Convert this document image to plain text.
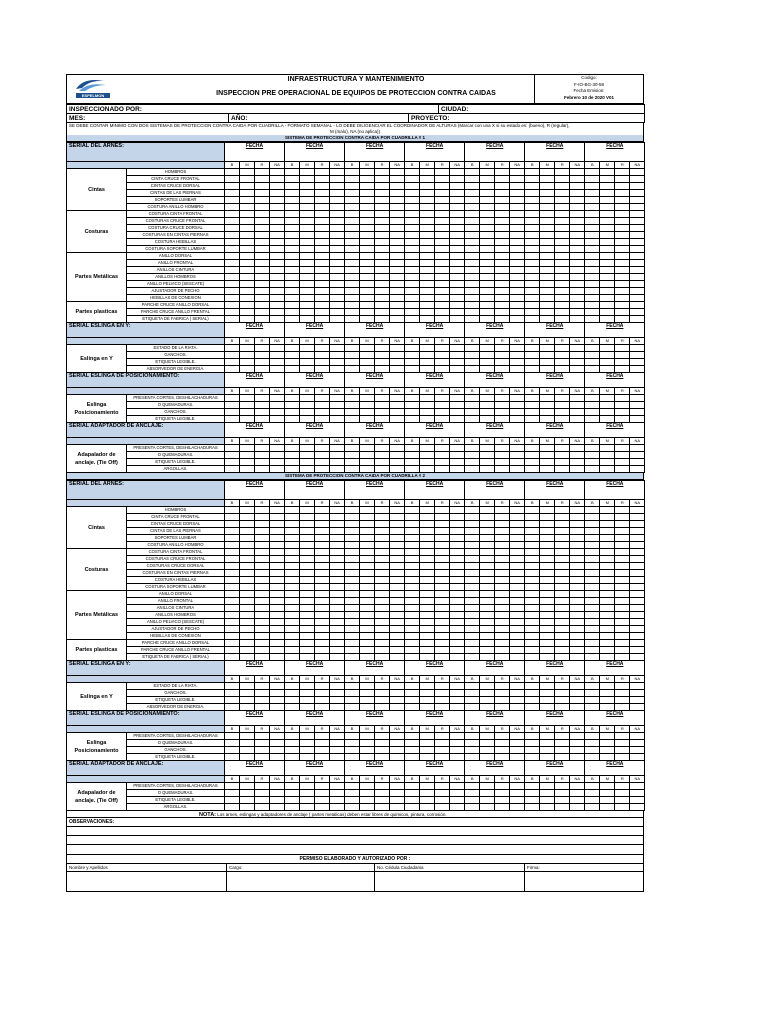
ESPELMON
INFRAESTRUCTURA Y MANTENIMIENTO
INSPECCION PRE OPERACIONAL DE EQUIPOS DE PROTECCION CONTRA CAIDAS
Codigo:
F-IO-BG-30-58
Fecha Emision:
Febrero 10 de 2020 V01
INSPECCIONADO POR:	CIUDAD:
MES:	AÑO:	PROYECTO:
SE DEBE CONTAR MINIMO CON DOS SISTEMAS DE PROTECCION CONTRA CAIDA POR CUADRILLA - FORMATO SEMANAL - LO DEBE DILIGENCIAR EL COORDINADOR DE ALTURAS (Marcar con una X si su estado es: (bueno), R (regular),
M (malo), NA (no aplica))
SISTEMA DE PROTECCION CONTRA CAIDA POR CUADRILLA # 1
SERIAL DEL ARNÉS:		FECHA				FECHA				FECHA				FECHA				FECHA				FECHA				FECHA			

		B	M	R	NA	B	M	R	NA	B	M	R	NA	B	M	R	NA	B	M	R	NA	B	M	R	NA	B	M	R	NA
Cintas	HOMBROS																												
	CINTA CRUCE FRONTAL																												
	CINTAS CRUCE DORSAL																												
	CINTAS DE LAS PIERNAS																												
	SOPORTES LUMBAR																												
	COSTURA ANILLO HOMBRO																												
Costuras	COSTURA CINTA FRONTAL																												
	COSTURAS CRUCE FRONTAL																												
	COSTURA CRUCE DORSAL																												
	COSTURAS EN CINTAS PIERNAS																												
	COSTURA HEBILLAS																												
	COSTURA SOPORTE LUMBAR																												
Partes Metálicas	ANILLO DORSAL																												
	ANILLO FRONTAL																												
	ANILLOS CINTURA																												
	ANILLOS HOMBROS																												
	ANILLO PELVICO (SESCATE)																												
	AJUSTADOR DE PECHO																												
	HEBILLAS DE CONEXION																												
Partes plasticas	PARCHE CRUCE ANILLO DORSAL																												
	PARCHE CRUCE ANILLO FRENTAL																												
	ETIQUETA DE FABRICA ( SERIAL)																												
SERIAL ESLINGA EN Y:		FECHA				FECHA				FECHA				FECHA				FECHA				FECHA				FECHA			

		B	M	R	NA	B	M	R	NA	B	M	R	NA	B	M	R	NA	B	M	R	NA	B	M	R	NA	B	M	R	NA
Eslinga en Y	ESTADO DE LA RIATA.																												
	GANCHOS.																												
	ETIQUETA LEGIBLE.																												
	ABSORVEDOR DE ENERGIA.																												
SERIAL ESLINGA DE POSICIONAMIENTO:		FECHA				FECHA				FECHA				FECHA				FECHA				FECHA				FECHA			

		B	M	R	NA	B	M	R	NA	B	M	R	NA	B	M	R	NA	B	M	R	NA	B	M	R	NA	B	M	R	NA
Eslinga Posicionamiento	PRESENTA CORTES, DESHILACHADURAS																												
	O QUEMADURAS.																												
	GANCHOS.																												
	ETIQUETA LEGIBLE.																												
SERIAL ADAPTADOR DE ANCLAJE:		FECHA				FECHA				FECHA				FECHA				FECHA				FECHA				FECHA			

		B	M	R	NA	B	M	R	NA	B	M	R	NA	B	M	R	NA	B	M	R	NA	B	M	R	NA	B	M	R	NA
Adapalador de anclaje. (Tie Off)	PRESENTA CORTES, DESHILACHADURAS																												
	O QUEMADURAS.																												
	ETIQUETA LEGIBLE.																												
	ARGOLLAS.																												
SISTEMA DE PROTECCION CONTRA CAIDA POR CUADRILLA # 2
SERIAL DEL ARNÉS:		FECHA				FECHA				FECHA				FECHA				FECHA				FECHA				FECHA			

		B	M	R	NA	B	M	R	NA	B	M	R	NA	B	M	R	NA	B	M	R	NA	B	M	R	NA	B	M	R	NA
Cintas	HOMBROS																												
	CINTA CRUCE FRONTAL																												
	CINTAS CRUCE DORSAL																												
	CINTAS DE LAS PIERNAS																												
	SOPORTES LUMBAR																												
	COSTURA ANILLO HOMBRO																												
Costuras	COSTURA CINTA FRONTAL																												
	COSTURAS CRUCE FRONTAL																												
	COSTURAS CRUCE DORSAL																												
	COSTURAS EN CINTAS PIERNAS																												
	COSTURA HEBILLAS																												
	COSTURA SOPORTE LUMBAR																												
Partes Metálicas	ANILLO DORSAL																												
	ANILLO FRONTAL																												
	ANILLOS CINTURA																												
	ANILLOS HOMBROS																												
	ANILLO PELVICO (SESCATE)																												
	AJUSTADOR DE PECHO																												
	HEBILLAS DE CONEXION																												
Partes plasticas	PARCHE CRUCE ANILLO DORSAL																												
	PARCHE CRUCE ANILLO FRENTAL																												
	ETIQUETA DE FABRICA ( SERIAL)																												
SERIAL ESLINGA EN Y:		FECHA				FECHA				FECHA				FECHA				FECHA				FECHA				FECHA			

		B	M	R	NA	B	M	R	NA	B	M	R	NA	B	M	R	NA	B	M	R	NA	B	M	R	NA	B	M	R	NA
Eslinga en Y	ESTADO DE LA RIATA.																												
	GANCHOS.																												
	ETIQUETA LEGIBLE.																												
	ABSORVEDOR DE ENERGIA.																												
SERIAL ESLINGA DE POSICIONAMIENTO:		FECHA				FECHA				FECHA				FECHA				FECHA				FECHA				FECHA			

		B	M	R	NA	B	M	R	NA	B	M	R	NA	B	M	R	NA	B	M	R	NA	B	M	R	NA	B	M	R	NA
Eslinga Posicionamiento	PRESENTA CORTES, DESHILACHADURAS																												
	O QUEMADURAS.																												
	GANCHOS.																												
	ETIQUETA LEGIBLE.																												
SERIAL ADAPTADOR DE ANCLAJE:		FECHA				FECHA				FECHA				FECHA				FECHA				FECHA				FECHA			

		B	M	R	NA	B	M	R	NA	B	M	R	NA	B	M	R	NA	B	M	R	NA	B	M	R	NA	B	M	R	NA
Adapalador de anclaje. (Tie Off)	PRESENTA CORTES, DESHILACHADURAS																												
	O QUEMADURAS.																												
	ETIQUETA LEGIBLE.																												
	ARGOLLAS.																												
NOTA: Los arnes, eslingas y adaptadores de anclaje ( partes metalicas) deben estar libres de quimicos, pintura, corrosión.
OBSERVACIONES:
PERMISO ELABORADO Y AUTORIZADO POR :
Nombre y Apellidos	Cargo:	No. Cédula Ciudadania	Firma:
